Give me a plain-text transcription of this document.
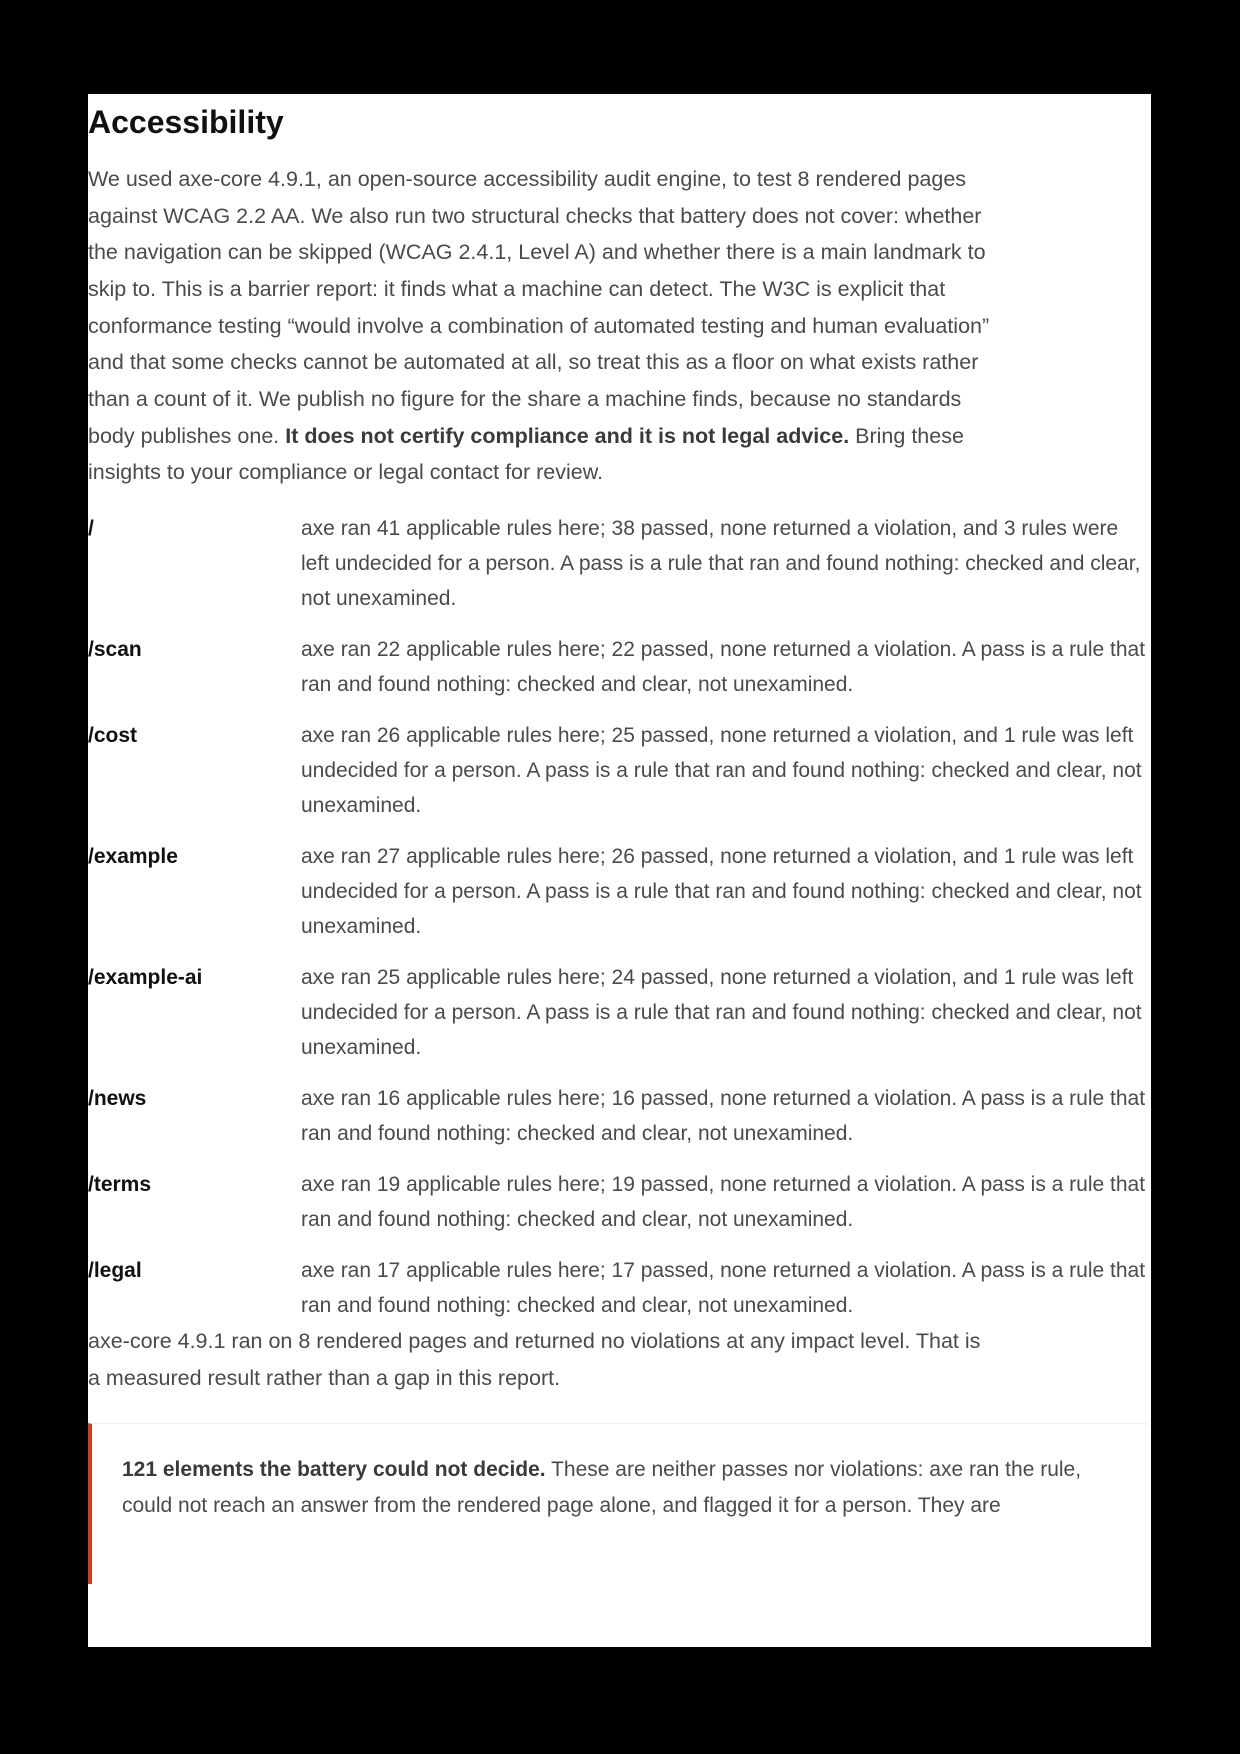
Accessibility

We used axe-core 4.9.1, an open-source accessibility audit engine, to test 8 rendered pages against WCAG 2.2 AA. We also run two structural checks that battery does not cover: whether the navigation can be skipped (WCAG 2.4.1, Level A) and whether there is a main landmark to skip to. This is a barrier report: it finds what a machine can detect. The W3C is explicit that conformance testing “would involve a combination of automated testing and human evaluation” and that some checks cannot be automated at all, so treat this as a floor on what exists rather than a count of it. We publish no figure for the share a machine finds, because no standards body publishes one. It does not certify compliance and it is not legal advice. Bring these insights to your compliance or legal contact for review.

/	axe ran 41 applicable rules here; 38 passed, none returned a violation, and 3 rules were left undecided for a person. A pass is a rule that ran and found nothing: checked and clear, not unexamined.
/scan	axe ran 22 applicable rules here; 22 passed, none returned a violation. A pass is a rule that ran and found nothing: checked and clear, not unexamined.
/cost	axe ran 26 applicable rules here; 25 passed, none returned a violation, and 1 rule was left undecided for a person. A pass is a rule that ran and found nothing: checked and clear, not unexamined.
/example	axe ran 27 applicable rules here; 26 passed, none returned a violation, and 1 rule was left undecided for a person. A pass is a rule that ran and found nothing: checked and clear, not unexamined.
/example-ai	axe ran 25 applicable rules here; 24 passed, none returned a violation, and 1 rule was left undecided for a person. A pass is a rule that ran and found nothing: checked and clear, not unexamined.
/news	axe ran 16 applicable rules here; 16 passed, none returned a violation. A pass is a rule that ran and found nothing: checked and clear, not unexamined.
/terms	axe ran 19 applicable rules here; 19 passed, none returned a violation. A pass is a rule that ran and found nothing: checked and clear, not unexamined.
/legal	axe ran 17 applicable rules here; 17 passed, none returned a violation. A pass is a rule that ran and found nothing: checked and clear, not unexamined.

axe-core 4.9.1 ran on 8 rendered pages and returned no violations at any impact level. That is a measured result rather than a gap in this report.

121 elements the battery could not decide. These are neither passes nor violations: axe ran the rule, could not reach an answer from the rendered page alone, and flagged it for a person. They are
